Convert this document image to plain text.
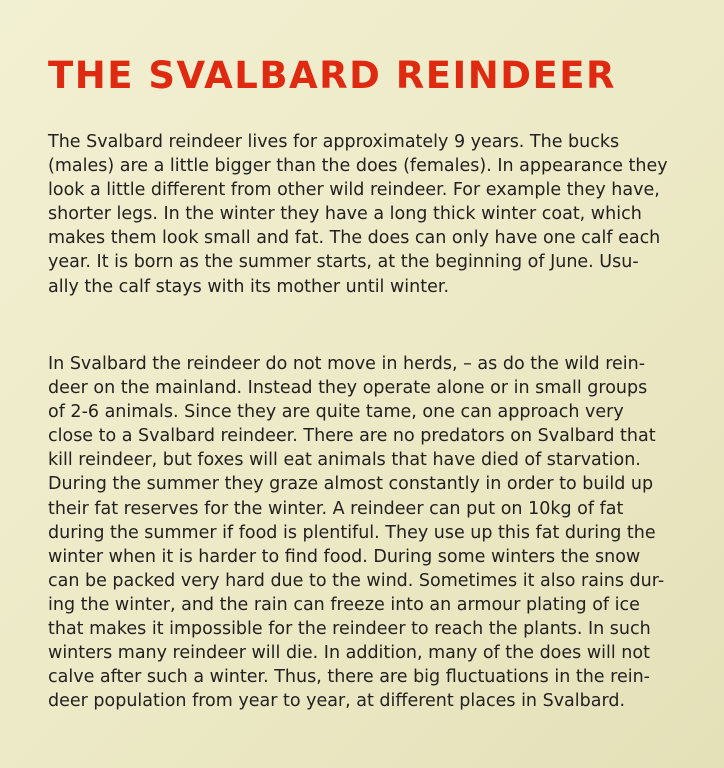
THE SVALBARD REINDEER

The Svalbard reindeer lives for approximately 9 years. The bucks
(males) are a little bigger than the does (females). In appearance they
look a little different from other wild reindeer. For example they have,
shorter legs. In the winter they have a long thick winter coat, which
makes them look small and fat. The does can only have one calf each
year. It is born as the summer starts, at the beginning of June. Usu-
ally the calf stays with its mother until winter.

In Svalbard the reindeer do not move in herds, – as do the wild rein-
deer on the mainland. Instead they operate alone or in small groups
of 2-6 animals. Since they are quite tame, one can approach very
close to a Svalbard reindeer. There are no predators on Svalbard that
kill reindeer, but foxes will eat animals that have died of starvation.
During the summer they graze almost constantly in order to build up
their fat reserves for the winter. A reindeer can put on 10kg of fat
during the summer if food is plentiful. They use up this fat during the
winter when it is harder to find food. During some winters the snow
can be packed very hard due to the wind. Sometimes it also rains dur-
ing the winter, and the rain can freeze into an armour plating of ice
that makes it impossible for the reindeer to reach the plants. In such
winters many reindeer will die. In addition, many of the does will not
calve after such a winter. Thus, there are big fluctuations in the rein-
deer population from year to year, at different places in Svalbard.
